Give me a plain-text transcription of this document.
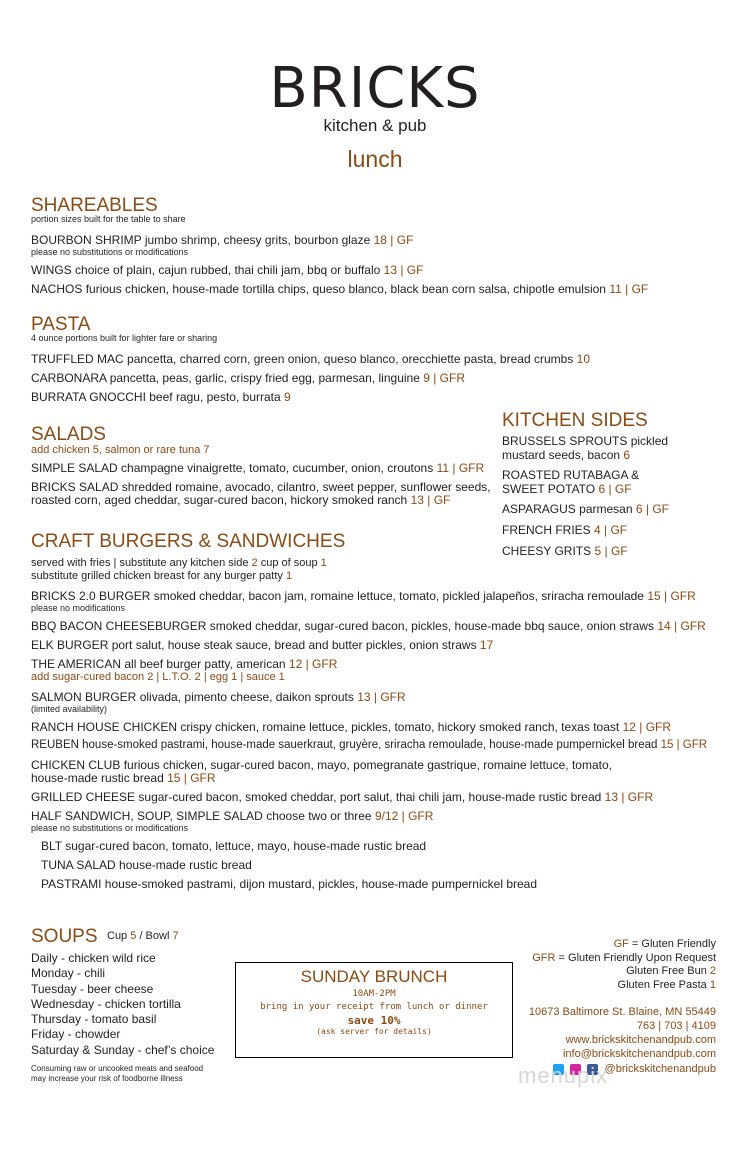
BRICKS
kitchen & pub
lunch
SHAREABLES
portion sizes built for the table to share
BOURBON SHRIMP jumbo shrimp, cheesy grits, bourbon glaze 18 | GF
please no substitutions or modifications
WINGS choice of plain, cajun rubbed, thai chili jam, bbq or buffalo 13 | GF
NACHOS furious chicken, house-made tortilla chips, queso blanco, black bean corn salsa, chipotle emulsion 11 | GF
PASTA
4 ounce portions built for lighter fare or sharing
TRUFFLED MAC pancetta, charred corn, green onion, queso blanco, orecchiette pasta, bread crumbs 10
CARBONARA pancetta, peas, garlic, crispy fried egg, parmesan, linguine 9 | GFR
BURRATA GNOCCHI beef ragu, pesto, burrata 9
SALADS
add chicken 5, salmon or rare tuna 7
SIMPLE SALAD champagne vinaigrette, tomato, cucumber, onion, croutons 11 | GFR
BRICKS SALAD shredded romaine, avocado, cilantro, sweet pepper, sunflower seeds,
roasted corn, aged cheddar, sugar-cured bacon, hickory smoked ranch 13 | GF
KITCHEN SIDES
BRUSSELS SPROUTS pickled mustard seeds, bacon 6
ROASTED RUTABAGA &
SWEET POTATO 6 | GF
ASPARAGUS parmesan 6 | GF
FRENCH FRIES 4 | GF
CHEESY GRITS 5 | GF
CRAFT BURGERS & SANDWICHES
served with fries | substitute any kitchen side 2 cup of soup 1
substitute grilled chicken breast for any burger patty 1
BRICKS 2.0 BURGER smoked cheddar, bacon jam, romaine lettuce, tomato, pickled jalapeños, sriracha remoulade 15 | GFR
please no modifications
BBQ BACON CHEESEBURGER smoked cheddar, sugar-cured bacon, pickles, house-made bbq sauce, onion straws 14 | GFR
ELK BURGER port salut, house steak sauce, bread and butter pickles, onion straws 17
THE AMERICAN all beef burger patty, american 12 | GFR
add sugar-cured bacon 2 | L.T.O. 2 | egg 1 | sauce 1
SALMON BURGER olivada, pimento cheese, daikon sprouts 13 | GFR
(limited availability)
RANCH HOUSE CHICKEN crispy chicken, romaine lettuce, pickles, tomato, hickory smoked ranch, texas toast 12 | GFR
REUBEN house-smoked pastrami, house-made sauerkraut, gruyère, sriracha remoulade, house-made pumpernickel bread 15 | GFR
CHICKEN CLUB furious chicken, sugar-cured bacon, mayo, pomegranate gastrique, romaine lettuce, tomato,
house-made rustic bread 15 | GFR
GRILLED CHEESE sugar-cured bacon, smoked cheddar, port salut, thai chili jam, house-made rustic bread 13 | GFR
HALF SANDWICH, SOUP, SIMPLE SALAD choose two or three 9/12 | GFR
please no substitutions or modifications
BLT sugar-cured bacon, tomato, lettuce, mayo, house-made rustic bread
TUNA SALAD house-made rustic bread
PASTRAMI house-smoked pastrami, dijon mustard, pickles, house-made pumpernickel bread
SOUPS Cup 5 / Bowl 7
Daily - chicken wild rice
Monday - chili
Tuesday - beer cheese
Wednesday - chicken tortilla
Thursday - tomato basil
Friday - chowder
Saturday & Sunday - chef’s choice
Consuming raw or uncooked meats and seafood
may increase your risk of foodborne illness
SUNDAY BRUNCH
10AM-2PM
bring in your receipt from lunch or dinner
save 10%
(ask server for details)
GF = Gluten Friendly
GFR = Gluten Friendly Upon Request
Gluten Free Bun 2
Gluten Free Pasta 1
10673 Baltimore St. Blaine, MN 55449
763 | 703 | 4109
www.brickskitchenandpub.com
info@brickskitchenandpub.com
@brickskitchenandpub
menupix
